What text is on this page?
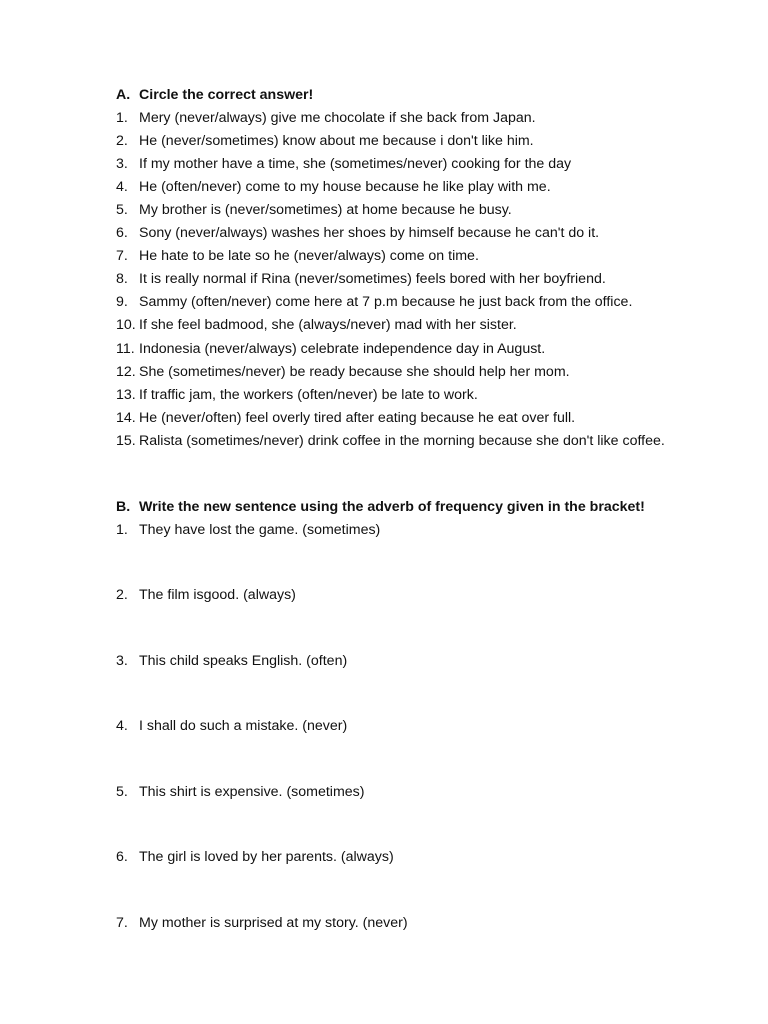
A. Circle the correct answer!
1. Mery (never/always) give me chocolate if she back from Japan.
2. He (never/sometimes) know about me because i don't like him.
3. If my mother have a time, she (sometimes/never) cooking for the day
4. He (often/never) come to my house because he like play with me.
5. My brother is (never/sometimes) at home because he busy.
6. Sony (never/always) washes her shoes by himself because he can't do it.
7. He hate to be late so he (never/always) come on time.
8. It is really normal if Rina (never/sometimes) feels bored with her boyfriend.
9. Sammy (often/never) come here at 7 p.m because he just back from the office.
10. If she feel badmood, she (always/never) mad with her sister.
11. Indonesia (never/always) celebrate independence day in August.
12. She (sometimes/never) be ready because she should help her mom.
13. If traffic jam, the workers (often/never) be late to work.
14. He (never/often) feel overly tired after eating because he eat over full.
15. Ralista (sometimes/never) drink coffee in the morning because she don't like coffee.
B. Write the new sentence using the adverb of frequency given in the bracket!
1. They have lost the game. (sometimes)
2. The film isgood. (always)
3. This child speaks English. (often)
4. I shall do such a mistake. (never)
5. This shirt is expensive. (sometimes)
6. The girl is loved by her parents. (always)
7. My mother is surprised at my story. (never)
